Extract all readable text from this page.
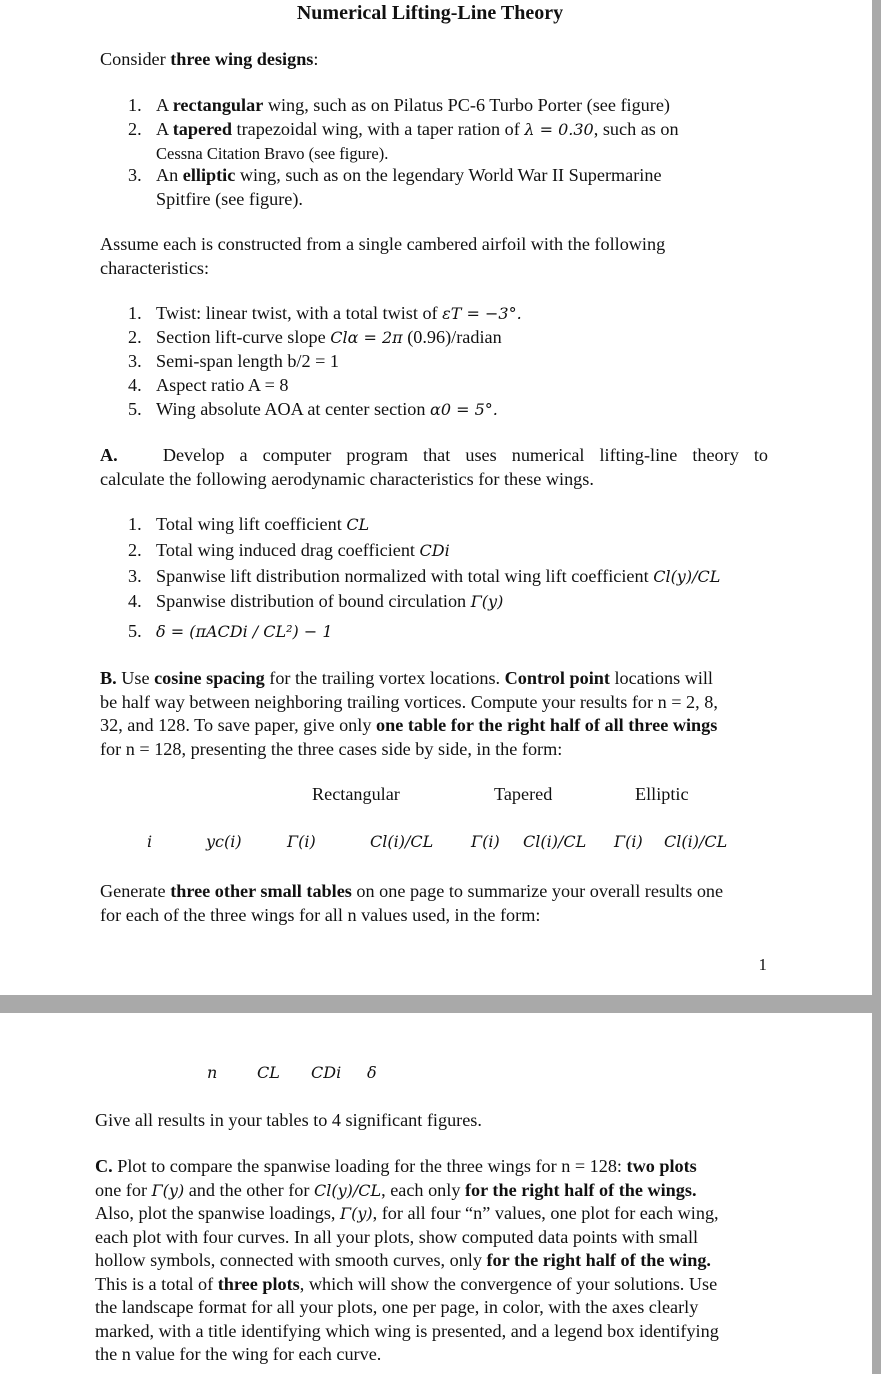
Numerical Lifting-Line Theory
Consider three wing designs:
1. A rectangular wing, such as on Pilatus PC-6 Turbo Porter (see figure)
2. A tapered trapezoidal wing, with a taper ration of λ = 0.30, such as on
Cessna Citation Bravo (see figure).
3. An elliptic wing, such as on the legendary World War II Supermarine
Spitfire (see figure).
Assume each is constructed from a single cambered airfoil with the following
characteristics:
1. Twist: linear twist, with a total twist of εT = −3°.
2. Section lift-curve slope Clα = 2π (0.96)/radian
3. Semi-span length b/2 = 1
4. Aspect ratio A = 8
5. Wing absolute AOA at center section α0 = 5°.
A. Develop a computer program that uses numerical lifting-line theory to
calculate the following aerodynamic characteristics for these wings.
1. Total wing lift coefficient CL
2. Total wing induced drag coefficient CDi
3. Spanwise lift distribution normalized with total wing lift coefficient Cl(y)/CL
4. Spanwise distribution of bound circulation Γ(y)
5. δ = (πACDi / CL²) − 1
B. Use cosine spacing for the trailing vortex locations. Control point locations will
be half way between neighboring trailing vortices. Compute your results for n = 2, 8,
32, and 128. To save paper, give only one table for the right half of all three wings
for n = 128, presenting the three cases side by side, in the form:
Rectangular	Tapered	Elliptic
i	yc(i)	Γ(i)	Cl(i)/CL Γ(i) Cl(i)/CL Γ(i) Cl(i)/CL
Generate three other small tables on one page to summarize your overall results one
for each of the three wings for all n values used, in the form:
1
n CL CDi δ
Give all results in your tables to 4 significant figures.
C. Plot to compare the spanwise loading for the three wings for n = 128: two plots
one for Γ(y) and the other for Cl(y)/CL, each only for the right half of the wings.
Also, plot the spanwise loadings, Γ(y), for all four “n” values, one plot for each wing,
each plot with four curves. In all your plots, show computed data points with small
hollow symbols, connected with smooth curves, only for the right half of the wing.
This is a total of three plots, which will show the convergence of your solutions. Use
the landscape format for all your plots, one per page, in color, with the axes clearly
marked, with a title identifying which wing is presented, and a legend box identifying
the n value for the wing for each curve.
